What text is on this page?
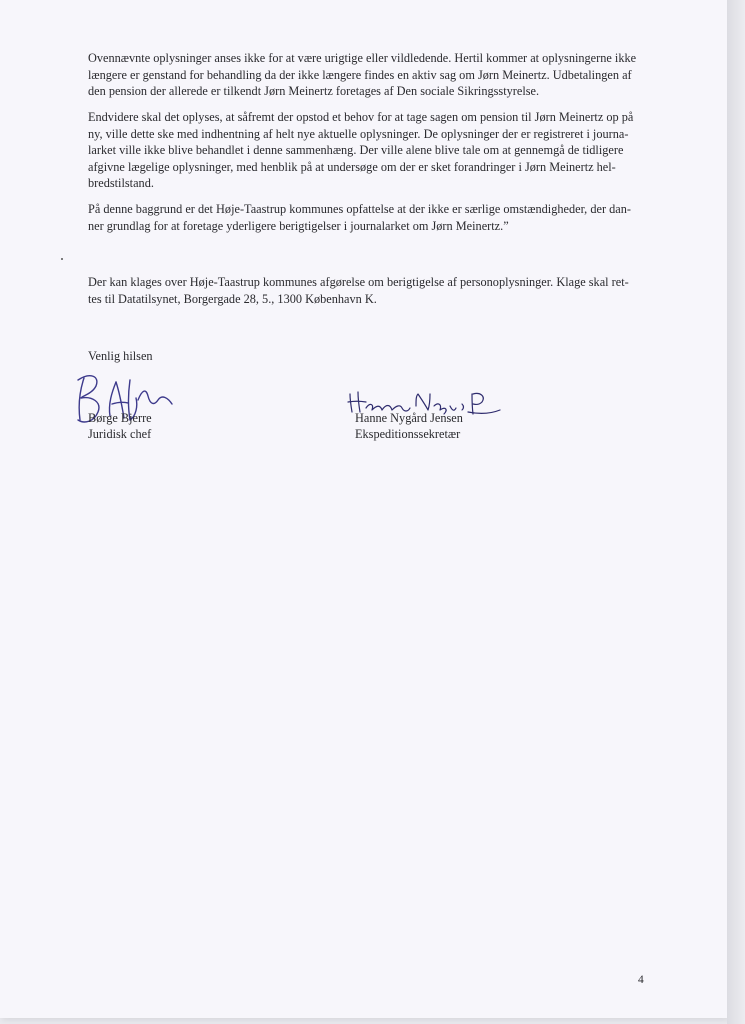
Ovennævnte oplysninger anses ikke for at være urigtige eller vildledende. Hertil kommer at oplysningerne ikke
længere er genstand for behandling da der ikke længere findes en aktiv sag om Jørn Meinertz. Udbetalingen af
den pension der allerede er tilkendt Jørn Meinertz foretages af Den sociale Sikringsstyrelse.

Endvidere skal det oplyses, at såfremt der opstod et behov for at tage sagen om pension til Jørn Meinertz op på
ny, ville dette ske med indhentning af helt nye aktuelle oplysninger. De oplysninger der er registreret i journa-
larket ville ikke blive behandlet i denne sammenhæng. Der ville alene blive tale om at gennemgå de tidligere
afgivne lægelige oplysninger, med henblik på at undersøge om der er sket forandringer i Jørn Meinertz hel-
bredstilstand.

På denne baggrund er det Høje-Taastrup kommunes opfattelse at der ikke er særlige omstændigheder, der dan-
ner grundlag for at foretage yderligere berigtigelser i journalarket om Jørn Meinertz.”

Der kan klages over Høje-Taastrup kommunes afgørelse om berigtigelse af personoplysninger. Klage skal ret-
tes til Datatilsynet, Borgergade 28, 5., 1300 København K.

Venlig hilsen
Børge Bjerre
Juridisk chef
Hanne Nygård Jensen
Ekspeditionssekretær
4
